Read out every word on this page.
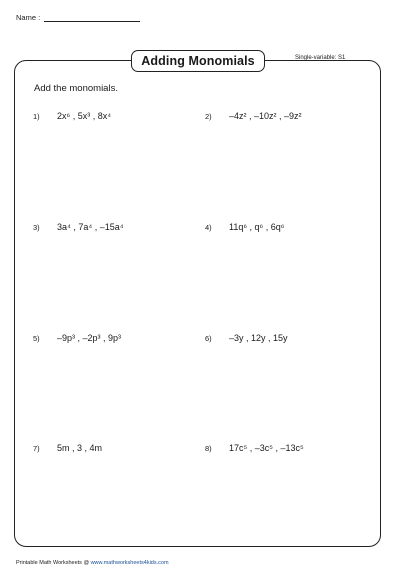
Name :
Adding Monomials	Single-variable: S1
Add the monomials.
1)	2x⁶ , 5x³ , 8x⁴	2)	–4z² , –10z² , –9z²
3)	3a⁴ , 7a⁴ , –15a⁴	4)	11q⁶ , q⁶ , 6q⁶
5)	–9p³ , –2p³ , 9p³	6)	–3y , 12y , 15y
7)	5m , 3 , 4m	8)	17c⁵ , –3c⁵ , –13c⁵
Printable Math Worksheets @ www.mathworksheets4kids.com
